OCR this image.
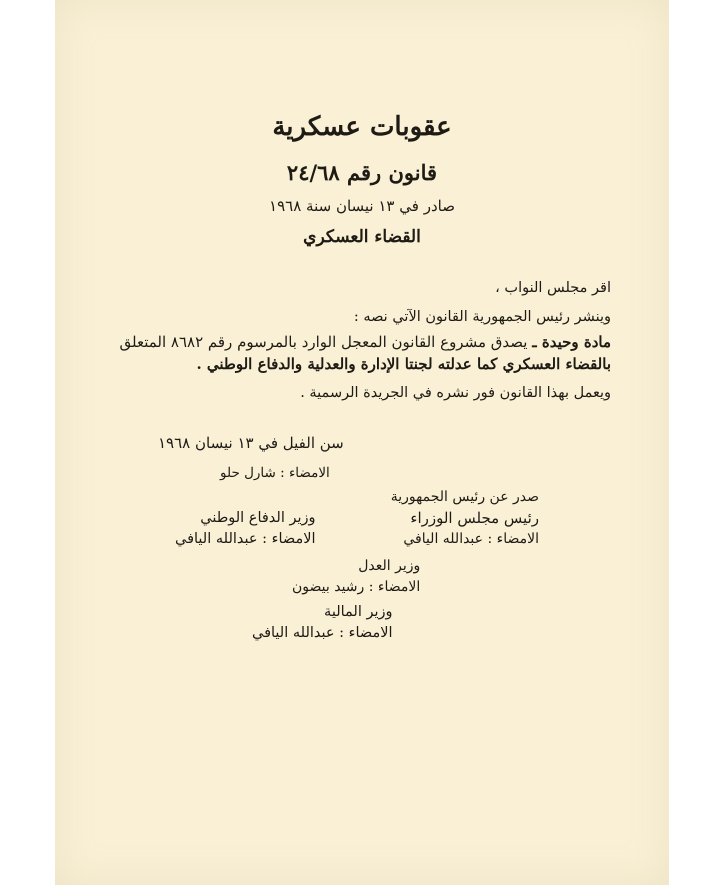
عقوبات عسكرية
قانون رقم ٢٤/٦٨
صادر في ١٣ نيسان سنة ١٩٦٨
القضاء العسكري
اقر مجلس النواب ،
وينشر رئيس الجمهورية القانون الآتي نصه :
مادة وحيدة ـ يصدق مشروع القانون المعجل الوارد بالمرسوم رقم ٨٦٨٢ المتعلق
بالقضاء العسكري كما عدلته لجنتا الإدارة والعدلية والدفاع الوطني .
ويعمل بهذا القانون فور نشره في الجريدة الرسمية .
سن الفيل في ١٣ نيسان ١٩٦٨
الامضاء : شارل حلو
صدر عن رئيس الجمهورية
رئيس مجلس الوزراء
الامضاء : عبدالله اليافي
وزير الدفاع الوطني
الامضاء : عبدالله اليافي
وزير العدل
الامضاء : رشيد بيضون
وزير المالية
الامضاء : عبدالله اليافي
